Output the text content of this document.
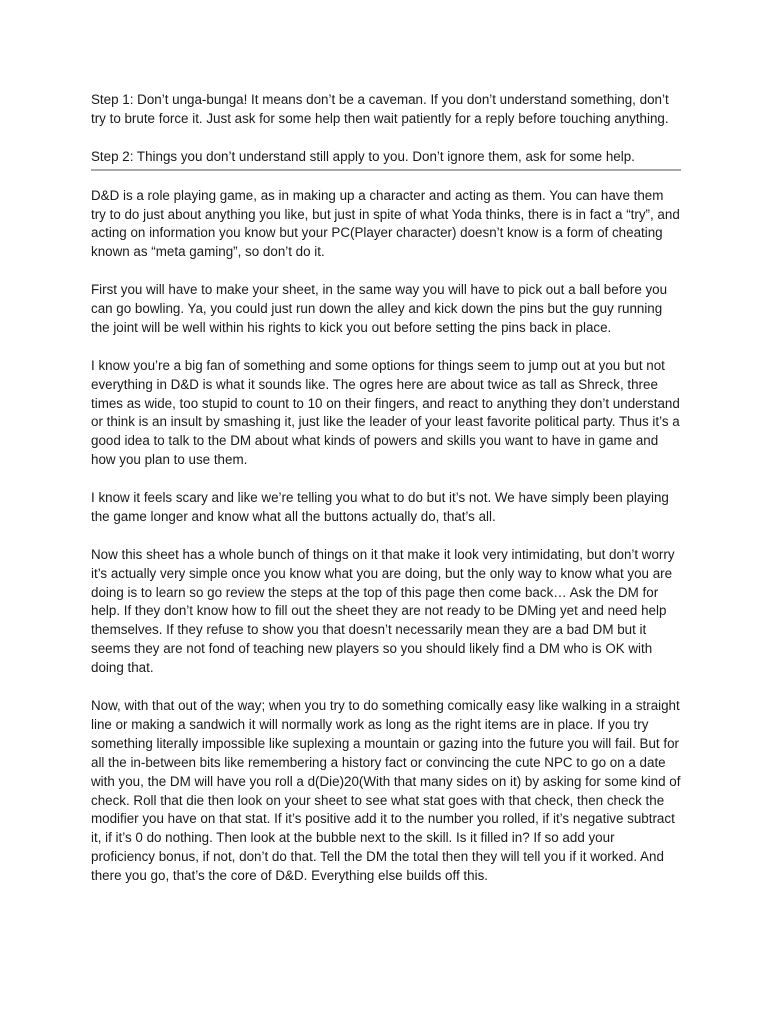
Step 1: Don’t unga-bunga! It means don’t be a caveman. If you don’t understand something, don’t try to brute force it. Just ask for some help then wait patiently for a reply before touching anything.

Step 2: Things you don’t understand still apply to you. Don’t ignore them, ask for some help.

D&D is a role playing game, as in making up a character and acting as them. You can have them try to do just about anything you like, but just in spite of what Yoda thinks, there is in fact a “try”, and acting on information you know but your PC(Player character) doesn’t know is a form of cheating known as “meta gaming”, so don’t do it.

First you will have to make your sheet, in the same way you will have to pick out a ball before you can go bowling. Ya, you could just run down the alley and kick down the pins but the guy running the joint will be well within his rights to kick you out before setting the pins back in place.

I know you’re a big fan of something and some options for things seem to jump out at you but not everything in D&D is what it sounds like. The ogres here are about twice as tall as Shreck, three times as wide, too stupid to count to 10 on their fingers, and react to anything they don’t understand or think is an insult by smashing it, just like the leader of your least favorite political party. Thus it’s a good idea to talk to the DM about what kinds of powers and skills you want to have in game and how you plan to use them.

I know it feels scary and like we’re telling you what to do but it’s not. We have simply been playing the game longer and know what all the buttons actually do, that’s all.

Now this sheet has a whole bunch of things on it that make it look very intimidating, but don’t worry it’s actually very simple once you know what you are doing, but the only way to know what you are doing is to learn so go review the steps at the top of this page then come back… Ask the DM for help. If they don’t know how to fill out the sheet they are not ready to be DMing yet and need help themselves. If they refuse to show you that doesn’t necessarily mean they are a bad DM but it seems they are not fond of teaching new players so you should likely find a DM who is OK with doing that.

Now, with that out of the way; when you try to do something comically easy like walking in a straight line or making a sandwich it will normally work as long as the right items are in place. If you try something literally impossible like suplexing a mountain or gazing into the future you will fail. But for all the in-between bits like remembering a history fact or convincing the cute NPC to go on a date with you, the DM will have you roll a d(Die)20(With that many sides on it) by asking for some kind of check. Roll that die then look on your sheet to see what stat goes with that check, then check the modifier you have on that stat. If it’s positive add it to the number you rolled, if it’s negative subtract it, if it’s 0 do nothing. Then look at the bubble next to the skill. Is it filled in? If so add your proficiency bonus, if not, don’t do that. Tell the DM the total then they will tell you if it worked. And there you go, that’s the core of D&D. Everything else builds off this.
